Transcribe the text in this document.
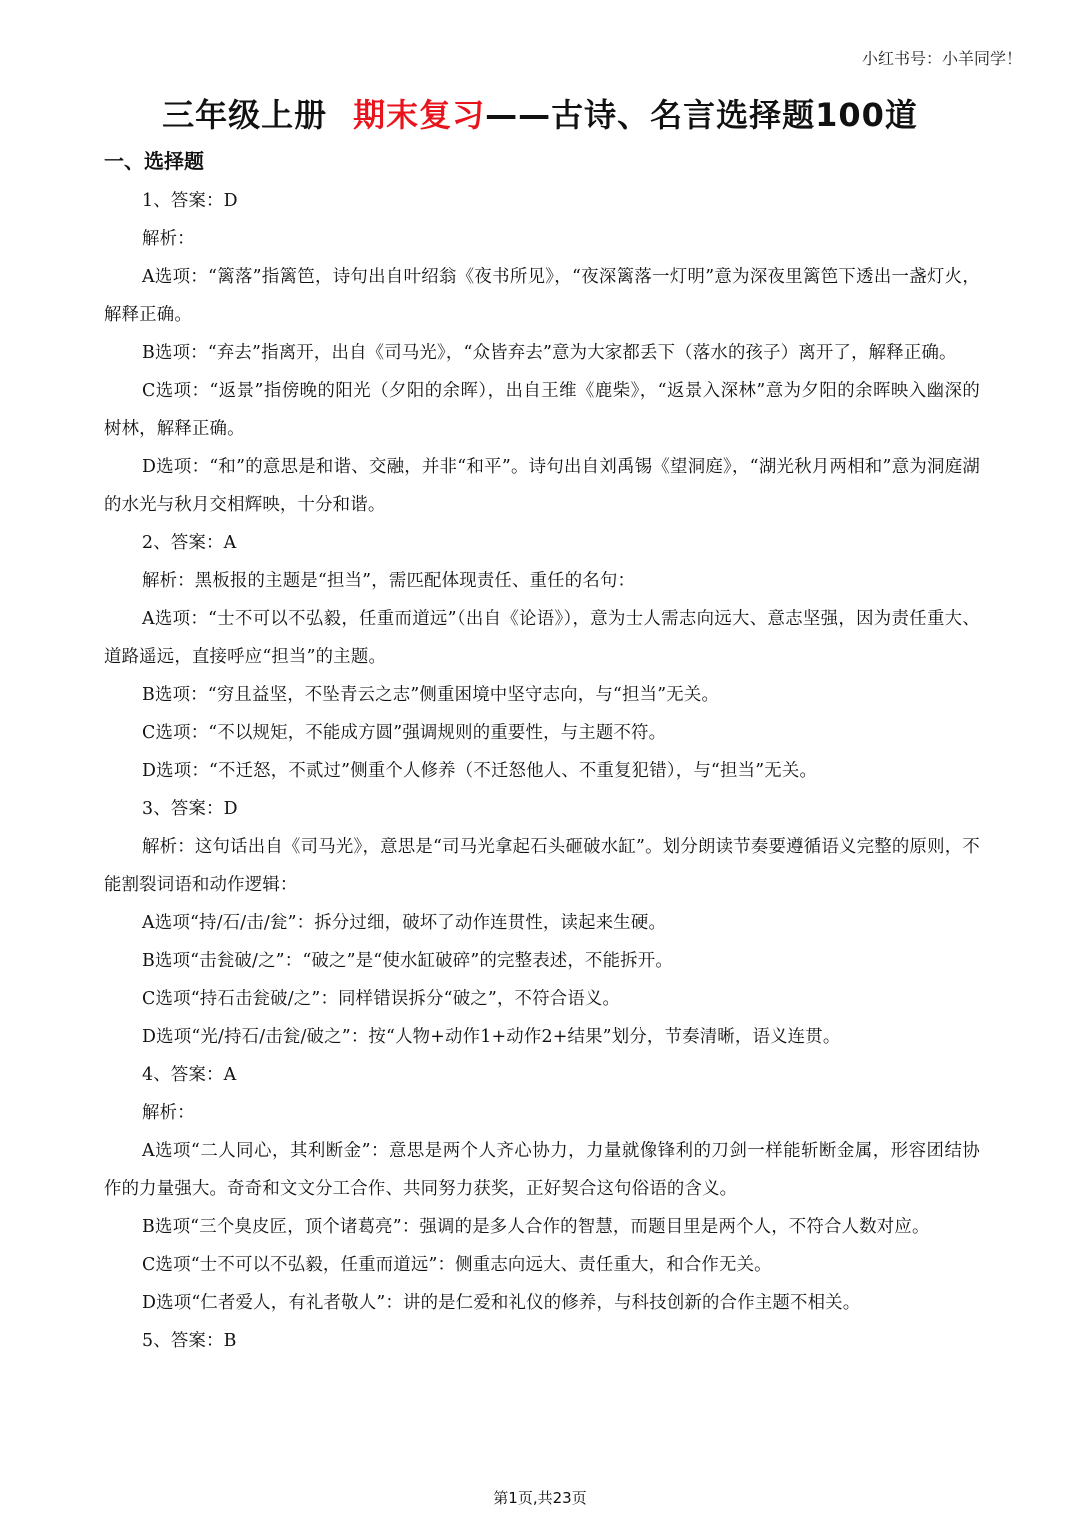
小红书号：小羊同学！
三年级上册 期末复习——古诗、名言选择题100道
一、选择题

1、答案：D

解析：

A选项：“篱落”指篱笆，诗句出自叶绍翁《夜书所见》，“夜深篱落一灯明”意为深夜里篱笆下透出一盏灯火，解释正确。

B选项：“弃去”指离开，出自《司马光》，“众皆弃去”意为大家都丢下（落水的孩子）离开了，解释正确。

C选项：“返景”指傍晚的阳光（夕阳的余晖），出自王维《鹿柴》，“返景入深林”意为夕阳的余晖映入幽深的树林，解释正确。

D选项：“和”的意思是和谐、交融，并非“和平”。诗句出自刘禹锡《望洞庭》，“湖光秋月两相和”意为洞庭湖的水光与秋月交相辉映，十分和谐。

2、答案：A

解析：黑板报的主题是“担当”，需匹配体现责任、重任的名句：

A选项：“士不可以不弘毅，任重而道远”（出自《论语》），意为士人需志向远大、意志坚强，因为责任重大、道路遥远，直接呼应“担当”的主题。

B选项：“穷且益坚，不坠青云之志”侧重困境中坚守志向，与“担当”无关。

C选项：“不以规矩，不能成方圆”强调规则的重要性，与主题不符。

D选项：“不迁怒，不贰过”侧重个人修养（不迁怒他人、不重复犯错），与“担当”无关。

3、答案：D

解析：这句话出自《司马光》，意思是“司马光拿起石头砸破水缸”。划分朗读节奏要遵循语义完整的原则，不能割裂词语和动作逻辑：

A选项“持/石/击/瓮”：拆分过细，破坏了动作连贯性，读起来生硬。

B选项“击瓮破/之”：“破之”是“使水缸破碎”的完整表述，不能拆开。

C选项“持石击瓮破/之”：同样错误拆分“破之”，不符合语义。

D选项“光/持石/击瓮/破之”：按“人物+动作1+动作2+结果”划分，节奏清晰，语义连贯。

4、答案：A

解析：

A选项“二人同心，其利断金”：意思是两个人齐心协力，力量就像锋利的刀剑一样能斩断金属，形容团结协作的力量强大。奇奇和文文分工合作、共同努力获奖，正好契合这句俗语的含义。

B选项“三个臭皮匠，顶个诸葛亮”：强调的是多人合作的智慧，而题目里是两个人，不符合人数对应。

C选项“士不可以不弘毅，任重而道远”：侧重志向远大、责任重大，和合作无关。

D选项“仁者爱人，有礼者敬人”：讲的是仁爱和礼仪的修养，与科技创新的合作主题不相关。

5、答案：B

第1页,共23页
